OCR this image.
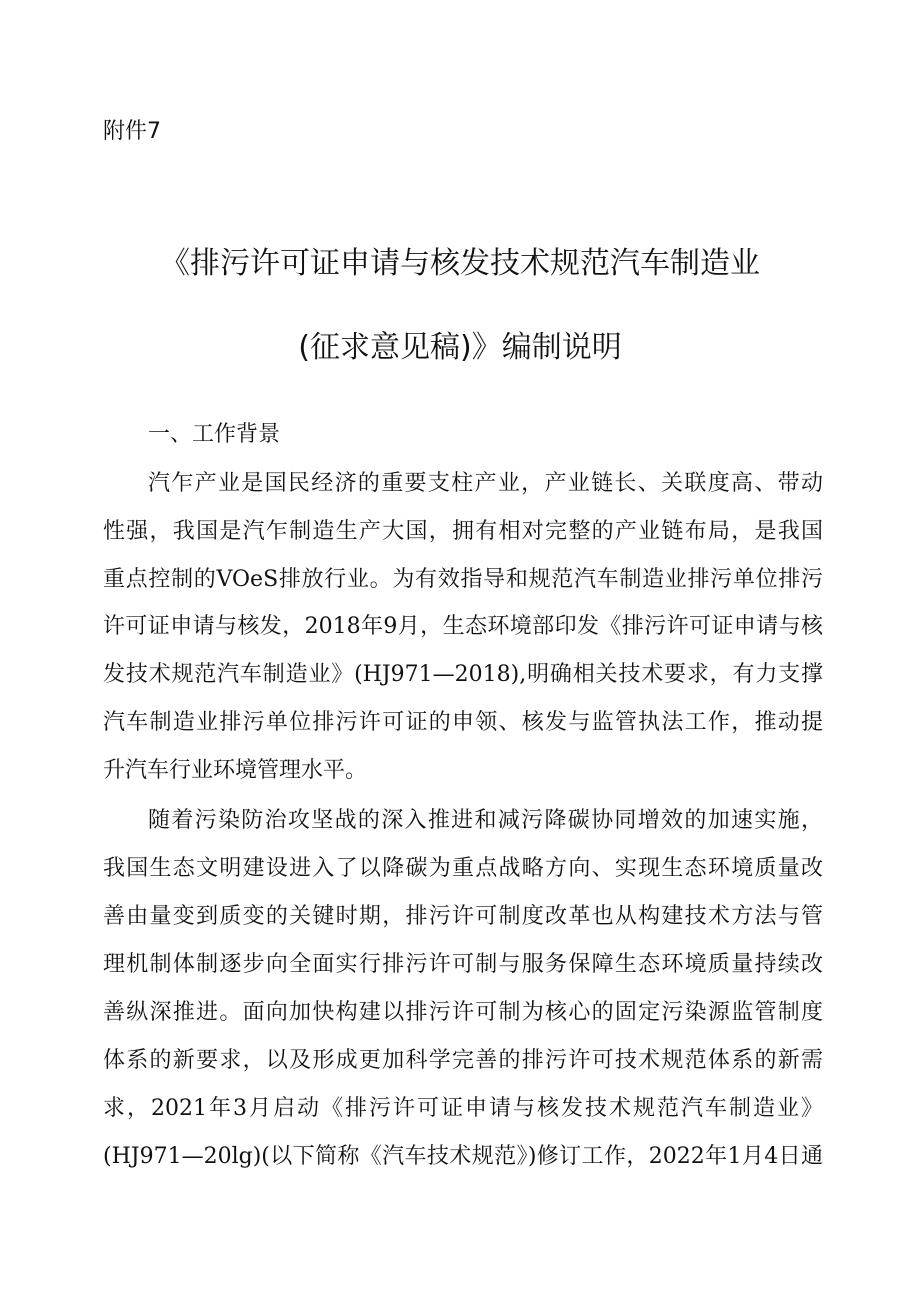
附件7
《排污许可证申请与核发技术规范汽车制造业
(征求意见稿)》编制说明
一、工作背景
汽乍产业是国民经济的重要支柱产业，产业链长、关联度高、带动
性强，我国是汽乍制造生产大国，拥有相对完整的产业链布局，是我国
重点控制的VOeS排放行业。为有效指导和规范汽车制造业排污单位排污
许可证申请与核发，2018年9月，生态环境部印发《排污许可证申请与核
发技术规范汽车制造业》(HJ971—2018),明确相关技术要求，有力支撑
汽车制造业排污单位排污许可证的申领、核发与监管执法工作，推动提
升汽车行业环境管理水平。
随着污染防治攻坚战的深入推进和减污降碳协同增效的加速实施，
我国生态文明建设进入了以降碳为重点战略方向、实现生态环境质量改
善由量变到质变的关键时期，排污许可制度改革也从构建技术方法与管
理机制体制逐步向全面实行排污许可制与服务保障生态环境质量持续改
善纵深推进。面向加快构建以排污许可制为核心的固定污染源监管制度
体系的新要求，以及形成更加科学完善的排污许可技术规范体系的新需
求，2021年3月启动《排污许可证申请与核发技术规范汽车制造业》
(HJ971—20lg)(以下简称《汽车技术规范》)修订工作，2022年1月4日通
